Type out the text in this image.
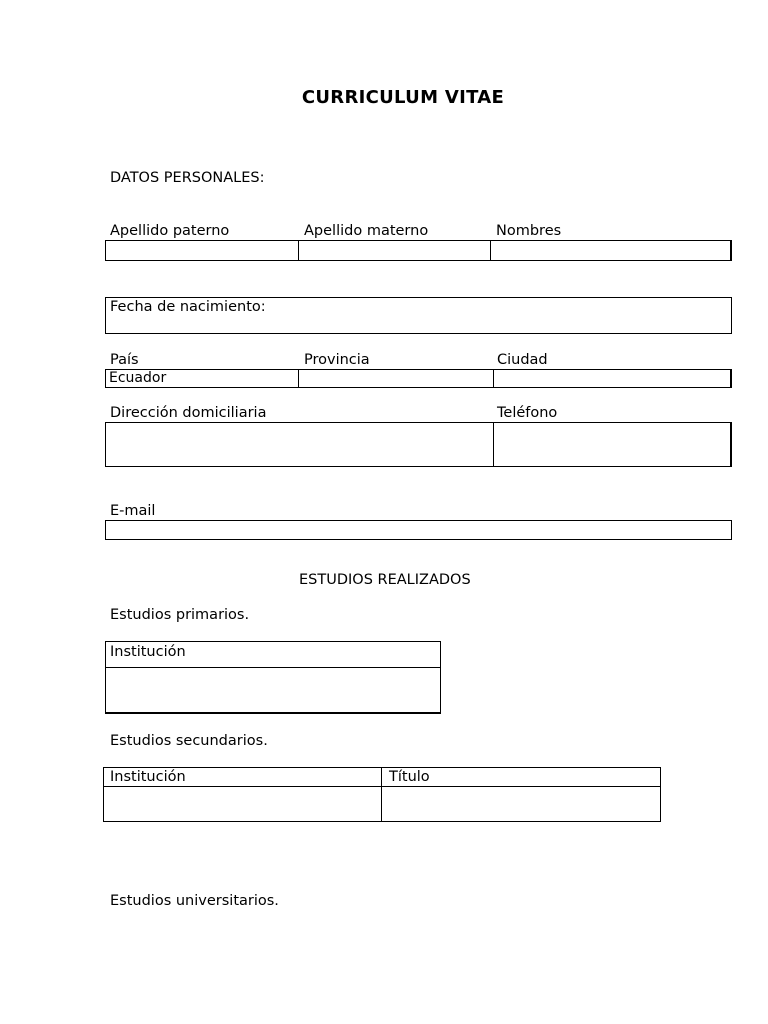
CURRICULUM VITAE
DATOS PERSONALES:
Apellido paterno	Apellido materno	Nombres
Fecha de nacimiento:
País	Provincia	Ciudad
Ecuador
Dirección domiciliaria	Teléfono
E-mail
ESTUDIOS REALIZADOS
Estudios primarios.
Institución
Estudios secundarios.
Institución	Título
Estudios universitarios.
